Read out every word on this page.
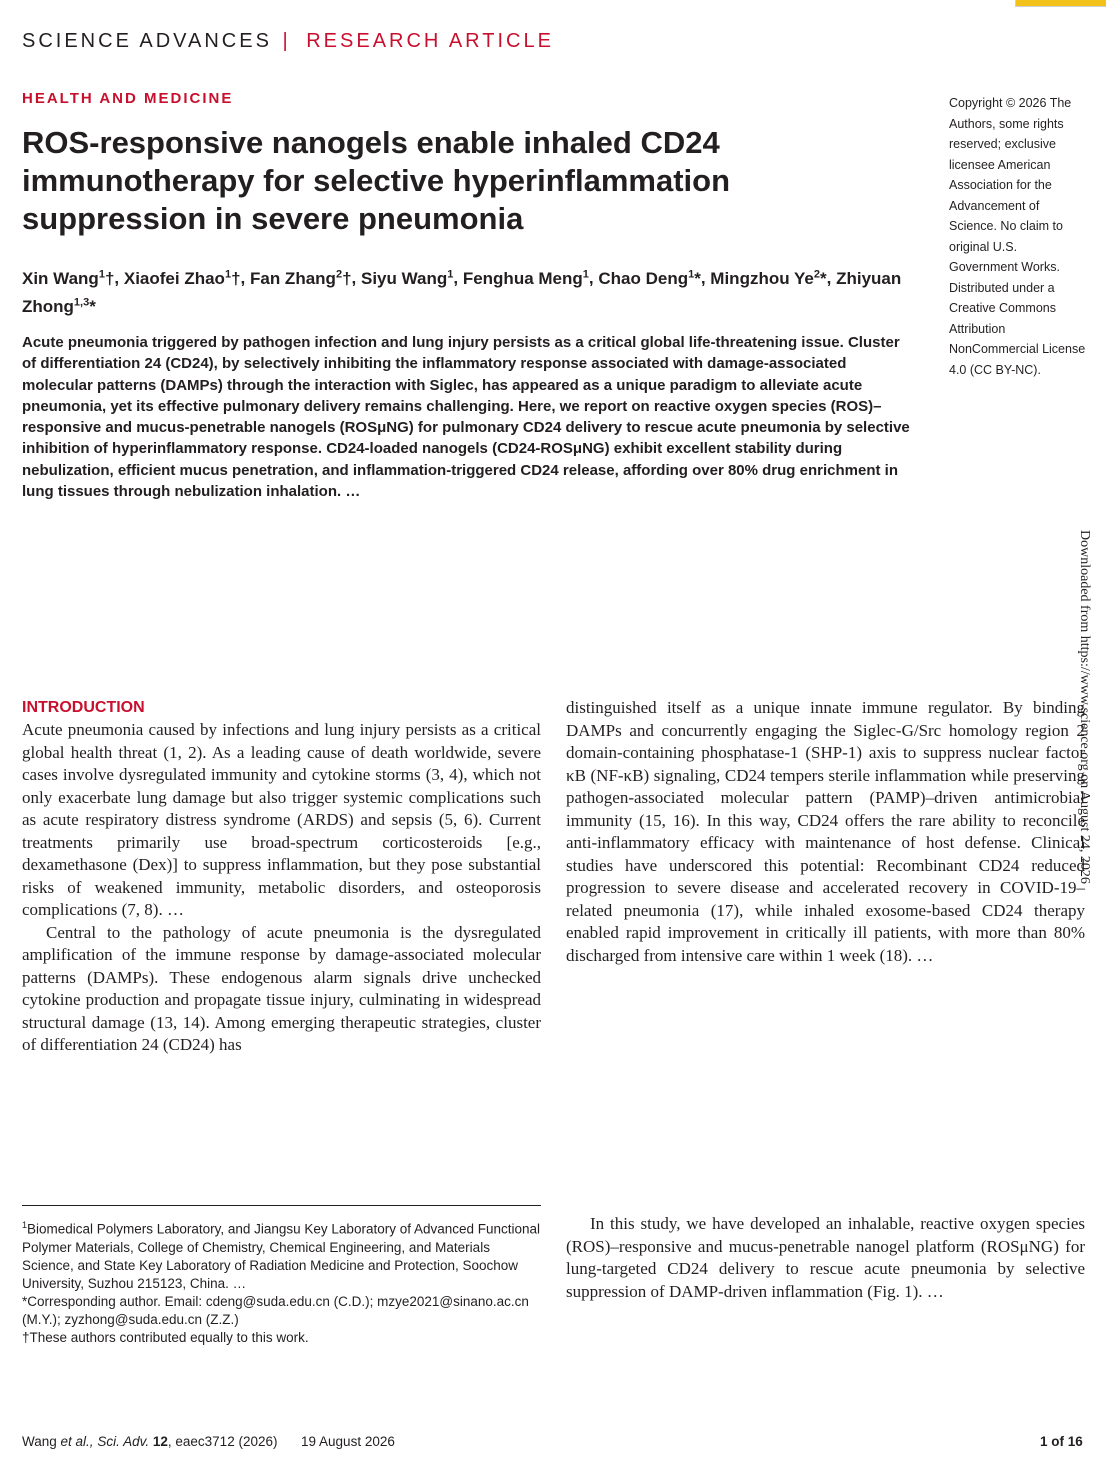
SCIENCE ADVANCES | RESEARCH ARTICLE
HEALTH AND MEDICINE
ROS-responsive nanogels enable inhaled CD24 immunotherapy for selective hyperinflammation suppression in severe pneumonia
Xin Wang$^1$†, Xiaofei Zhao$^1$†, Fan Zhang$^2$†, Siyu Wang$^1$, Fenghua Meng$^1$, Chao Deng$^1$*, Mingzhou Ye$^2$*, Zhiyuan Zhong$^{1,3}$*
Copyright © 2026 The Authors, some rights reserved; exclusive licensee American Association for the Advancement of Science. No claim to original U.S. Government Works. Distributed under a Creative Commons Attribution NonCommercial License 4.0 (CC BY-NC).

Acute pneumonia triggered by pathogen infection and lung injury persists as a critical global life-threatening issue. Cluster of differentiation 24 (CD24), by selectively inhibiting the inflammatory response associated with damage-associated molecular patterns (DAMPs) through the interaction with Siglec, has appeared as a unique paradigm to alleviate acute pneumonia, yet its effective pulmonary delivery remains challenging. Here, we report on reactive oxygen species (ROS)–responsive and mucus-penetrable nanogels (ROSμNG) for pulmonary CD24 delivery to rescue acute pneumonia by selective inhibition of hyperinflammatory response. CD24-loaded nanogels (CD24-ROSμNG) exhibit excellent stability during nebulization, efficient mucus penetration, and inflammation-triggered CD24 release, affording over 80% drug enrichment in lung tissues through nebulization inhalation. …

Downloaded from https://www.science.org on August 24, 2026
INTRODUCTION

Acute pneumonia caused by infections and lung injury persists as a critical global health threat (1, 2). As a leading cause of death worldwide, severe cases involve dysregulated immunity and cytokine storms (3, 4), which not only exacerbate lung damage but also trigger systemic complications such as acute respiratory distress syndrome (ARDS) and sepsis (5, 6). Current treatments primarily use broad-spectrum corticosteroids [e.g., dexamethasone (Dex)] to suppress inflammation, but they pose substantial risks of weakened immunity, metabolic disorders, and osteoporosis complications (7, 8). …

Central to the pathology of acute pneumonia is the dysregulated amplification of the immune response by damage-associated molecular patterns (DAMPs). These endogenous alarm signals drive unchecked cytokine production and propagate tissue injury, culminating in widespread structural damage (13, 14). Among emerging therapeutic strategies, cluster of differentiation 24 (CD24) has

distinguished itself as a unique innate immune regulator. By binding DAMPs and concurrently engaging the Siglec-G/Src homology region 2 domain-containing phosphatase-1 (SHP-1) axis to suppress nuclear factor κB (NF-κB) signaling, CD24 tempers sterile inflammation while preserving pathogen-associated molecular pattern (PAMP)–driven antimicrobial immunity (15, 16). In this way, CD24 offers the rare ability to reconcile anti-inflammatory efficacy with maintenance of host defense. Clinical studies have underscored this potential: Recombinant CD24 reduced progression to severe disease and accelerated recovery in COVID-19–related pneumonia (17), while inhaled exosome-based CD24 therapy enabled rapid improvement in critically ill patients, with more than 80% discharged from intensive care within 1 week (18). …

In this study, we have developed an inhalable, reactive oxygen species (ROS)–responsive and mucus-penetrable nanogel platform (ROSμNG) for lung-targeted CD24 delivery to rescue acute pneumonia by selective suppression of DAMP-driven inflammation (Fig. 1). …

$^1$Biomedical Polymers Laboratory, and Jiangsu Key Laboratory of Advanced Functional Polymer Materials, College of Chemistry, Chemical Engineering, and Materials Science, and State Key Laboratory of Radiation Medicine and Protection, Soochow University, Suzhou 215123, China. …

*Corresponding author. Email: cdeng@suda.edu.cn (C.D.); mzye2021@sinano.ac.cn (M.Y.); zyzhong@suda.edu.cn (Z.Z.)

†These authors contributed equally to this work.

Wang et al., Sci. Adv. 12, eaec3712 (2026) 19 August 2026	1 of 16
